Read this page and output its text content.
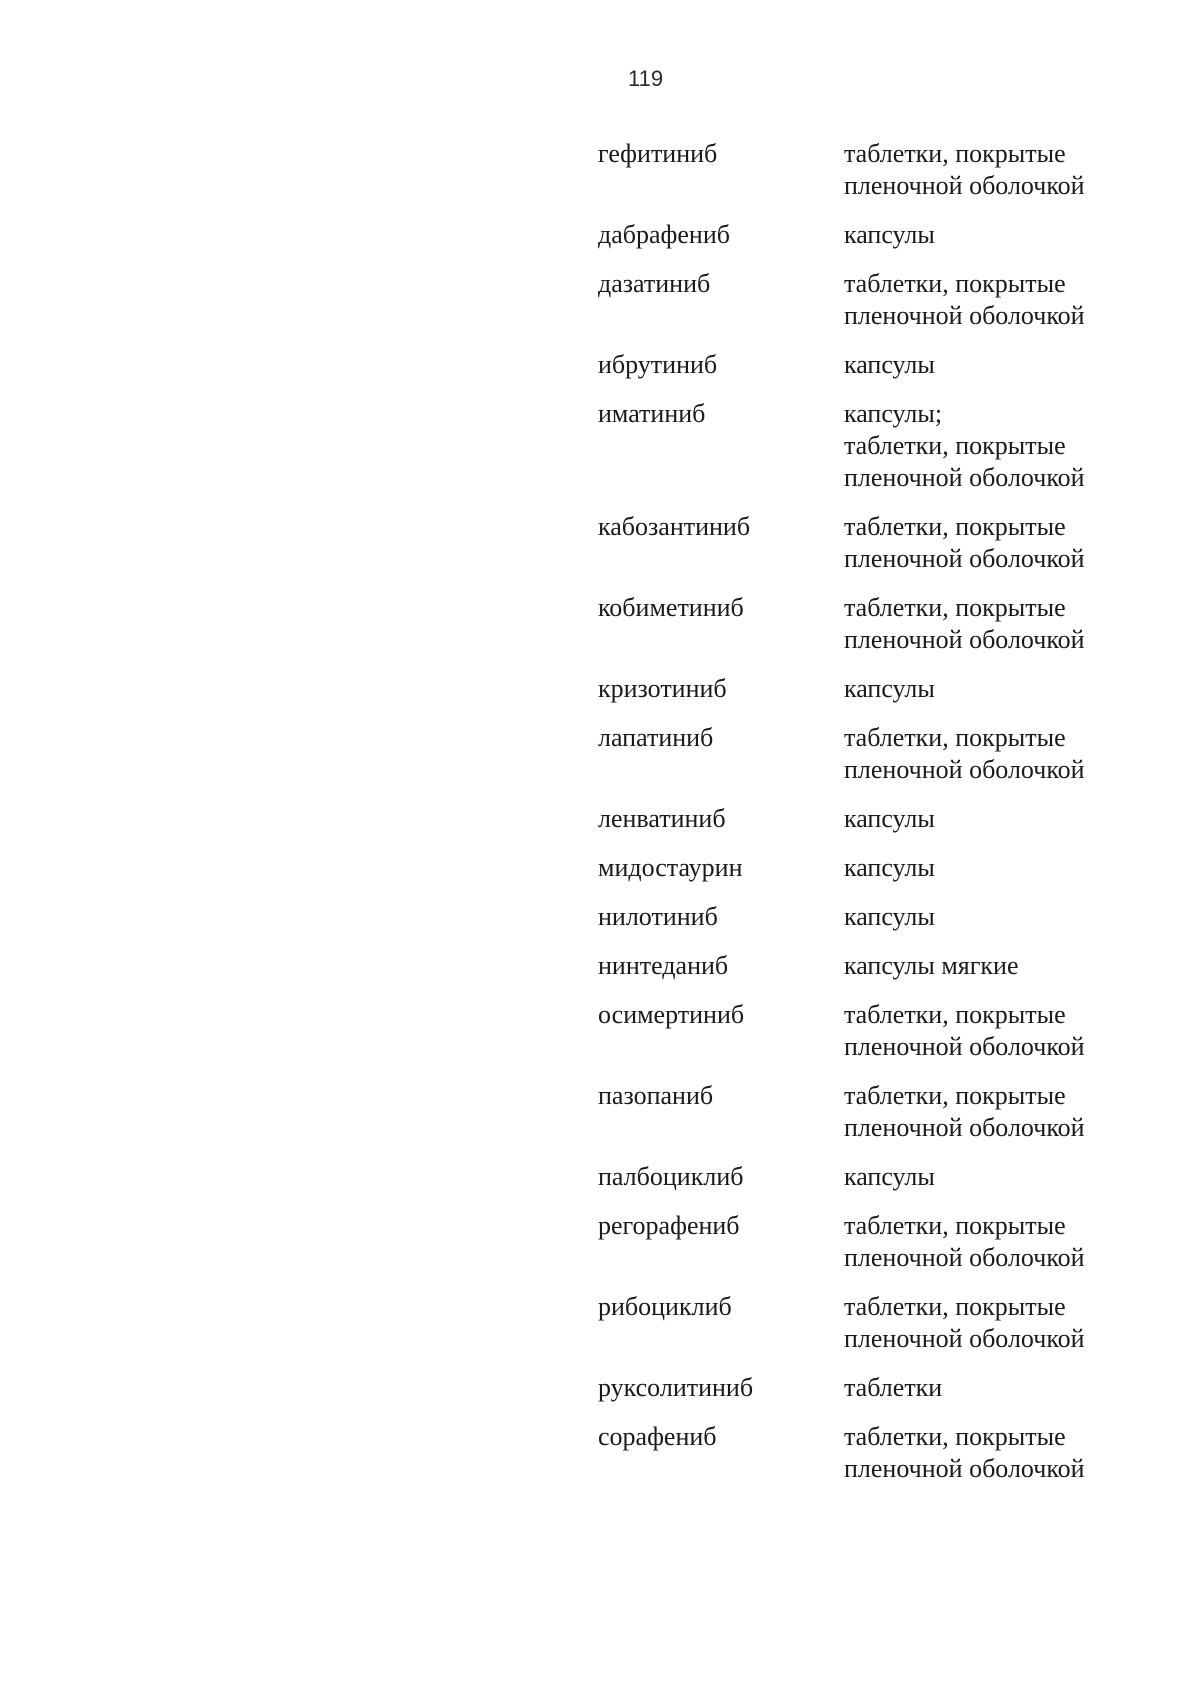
119
гефитиниб	таблетки, покрытые
пленочной оболочкой
дабрафениб	капсулы
дазатиниб	таблетки, покрытые
пленочной оболочкой
ибрутиниб	капсулы
иматиниб	капсулы;
таблетки, покрытые
пленочной оболочкой
кабозантиниб	таблетки, покрытые
пленочной оболочкой
кобиметиниб	таблетки, покрытые
пленочной оболочкой
кризотиниб	капсулы
лапатиниб	таблетки, покрытые
пленочной оболочкой
ленватиниб	капсулы
мидостаурин	капсулы
нилотиниб	капсулы
нинтеданиб	капсулы мягкие
осимертиниб	таблетки, покрытые
пленочной оболочкой
пазопаниб	таблетки, покрытые
пленочной оболочкой
палбоциклиб	капсулы
регорафениб	таблетки, покрытые
пленочной оболочкой
рибоциклиб	таблетки, покрытые
пленочной оболочкой
руксолитиниб	таблетки
сорафениб	таблетки, покрытые
пленочной оболочкой
